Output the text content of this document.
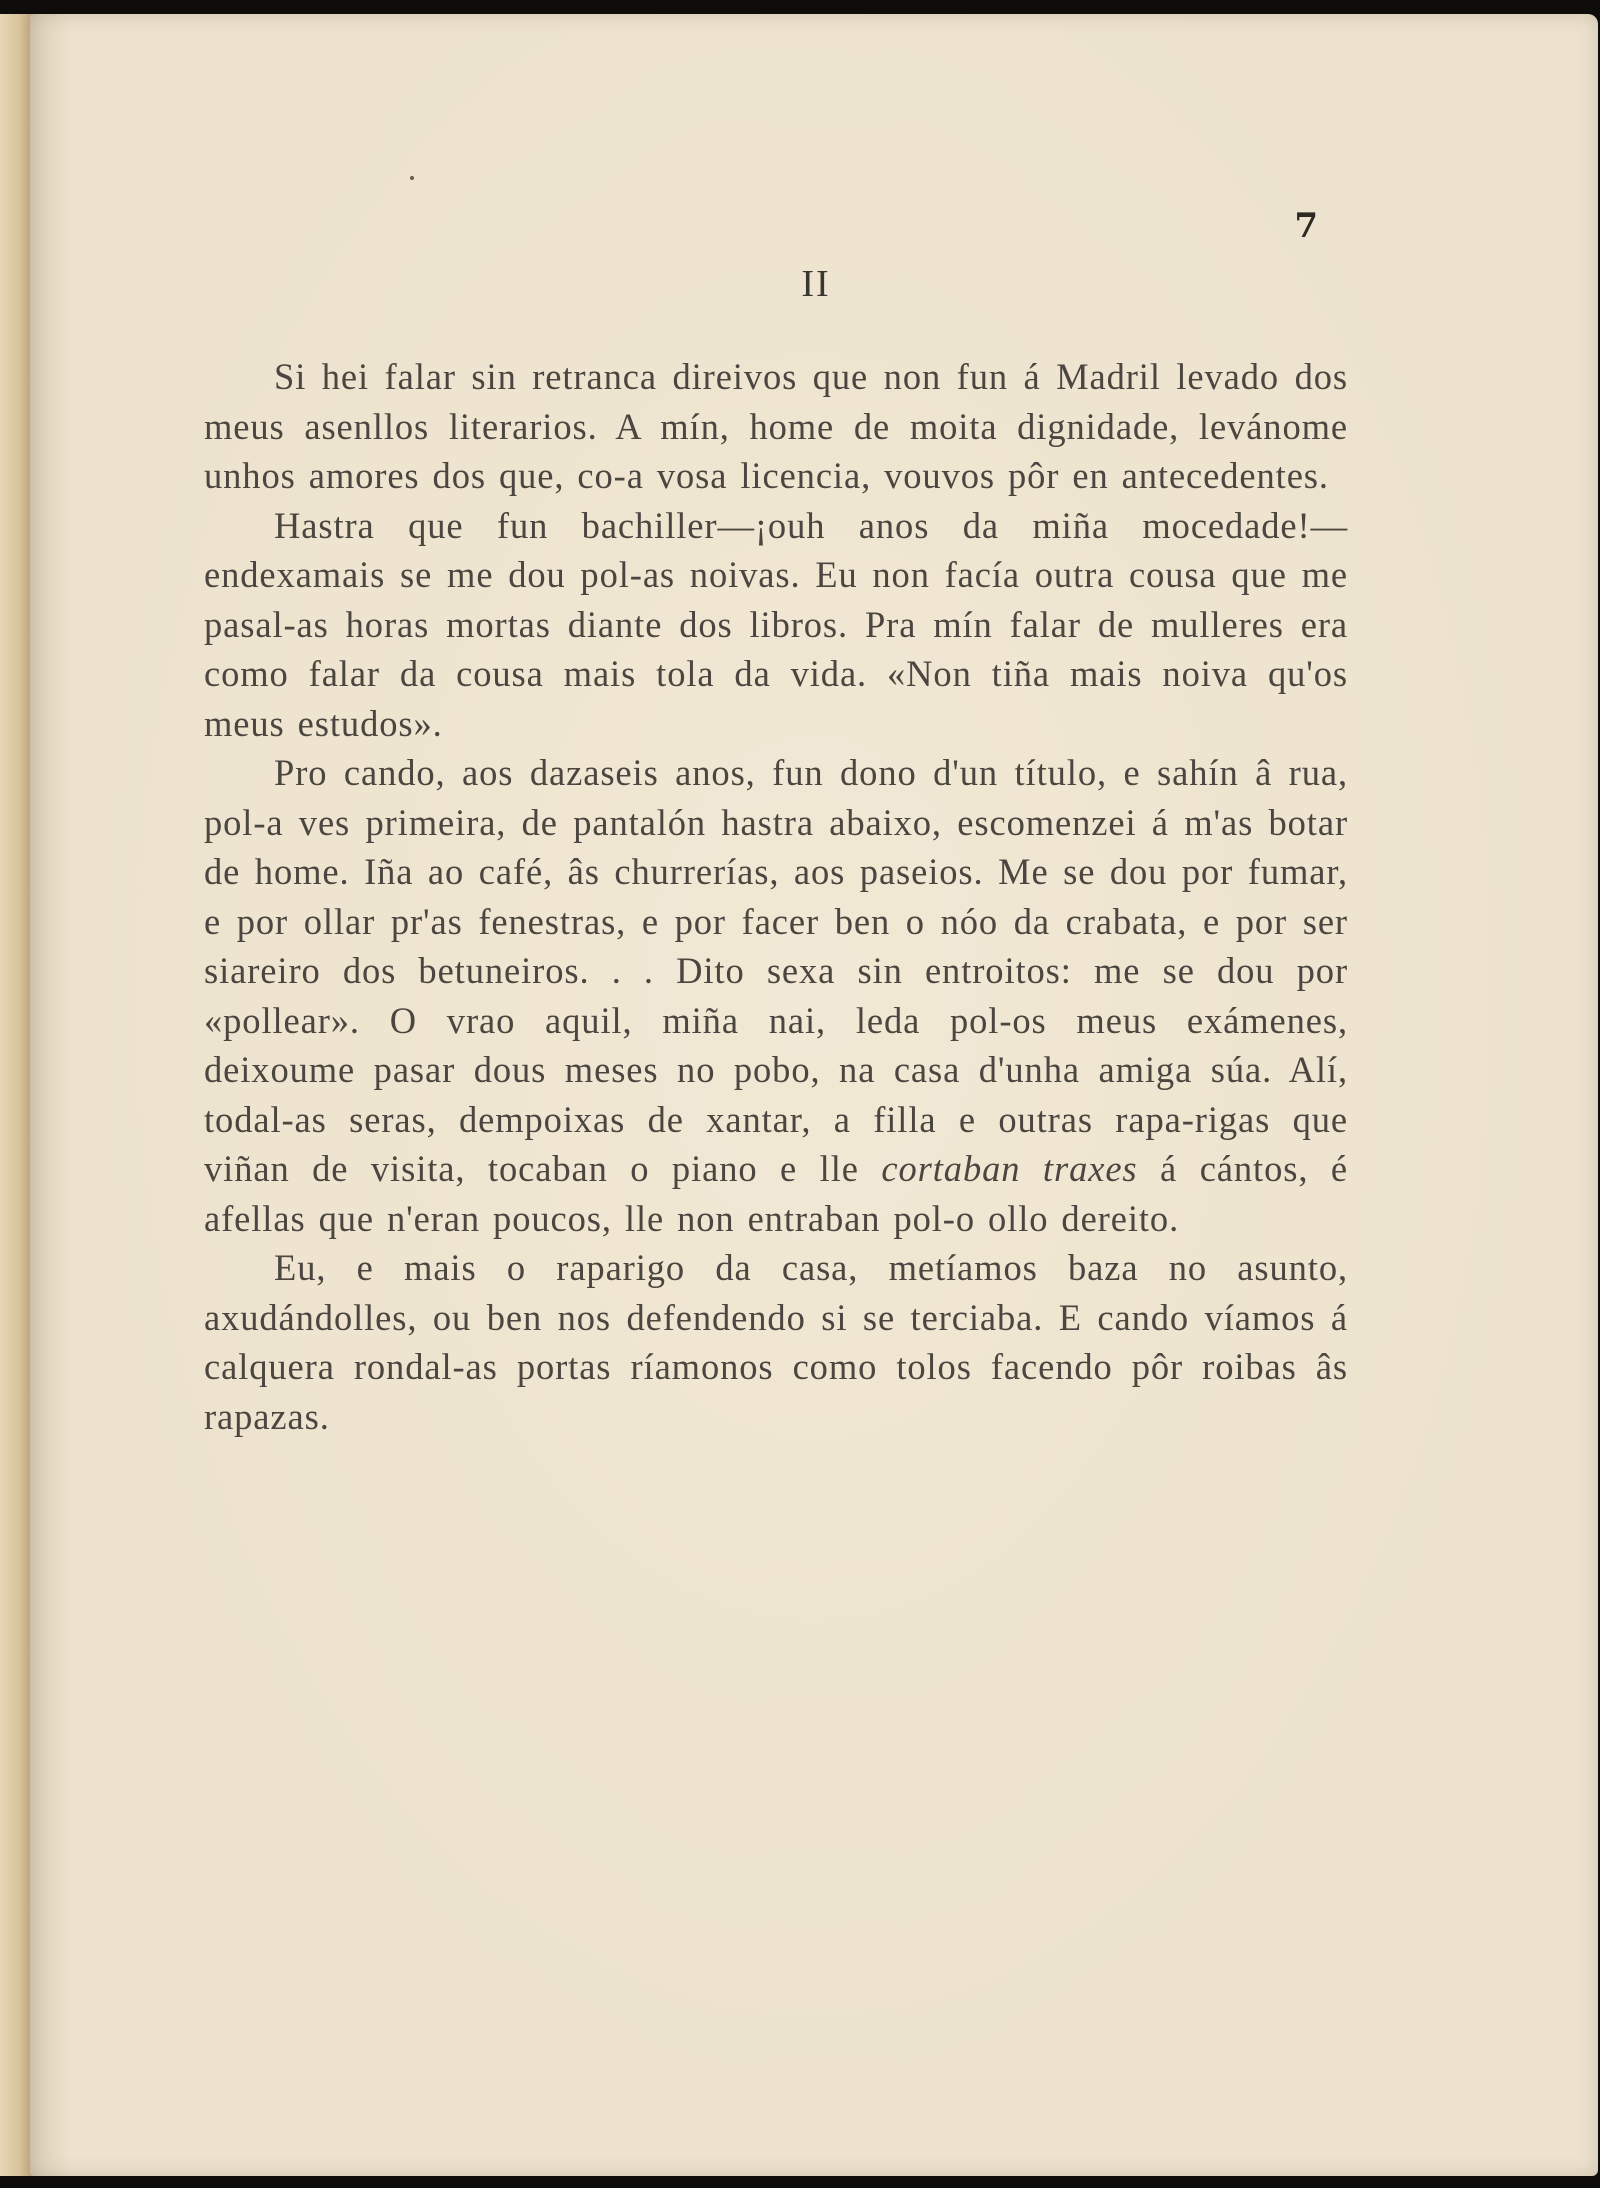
7
II

Si hei falar sin retranca direivos que non fun á Madril levado dos meus asenllos literarios. A mín, home de moita dignidade, levánome unhos amores dos que, co-a vosa licencia, vouvos pôr en antecedentes.

Hastra que fun bachiller—¡ouh anos da miña mocedade!—endexamais se me dou pol-as noivas. Eu non facía outra cousa que me pasal-as horas mortas diante dos libros. Pra mín falar de mulleres era como falar da cousa mais tola da vida. «Non tiña mais noiva qu'os meus estudos».

Pro cando, aos dazaseis anos, fun dono d'un título, e sahín â rua, pol-a ves primeira, de pantalón hastra abaixo, escomenzei á m'as botar de home. Iña ao café, âs churrerías, aos paseios. Me se dou por fumar, e por ollar pr'as fenestras, e por facer ben o nóo da crabata, e por ser siareiro dos betuneiros. . . Dito sexa sin entroitos: me se dou por «pollear». O vrao aquil, miña nai, leda pol-os meus exámenes, deixoume pasar dous meses no pobo, na casa d'unha amiga súa. Alí, todal-as seras, dempoixas de xantar, a filla e outras rapa-rigas que viñan de visita, tocaban o piano e lle cortaban traxes á cántos, é afellas que n'eran poucos, lle non entraban pol-o ollo dereito.

Eu, e mais o raparigo da casa, metíamos baza no asunto, axudándolles, ou ben nos defendendo si se terciaba. E cando víamos á calquera rondal-as portas ríamonos como tolos facendo pôr roibas âs rapazas.
